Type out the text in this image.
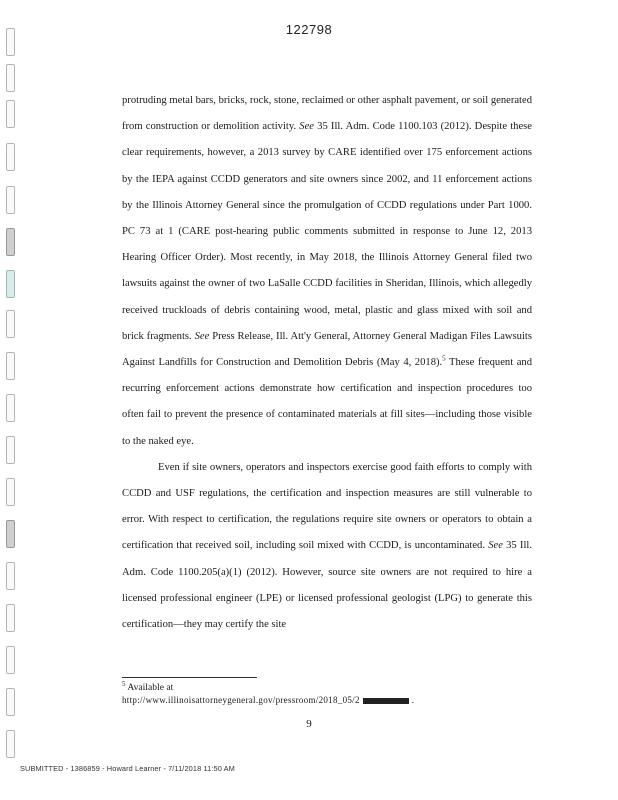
122798

protruding metal bars, bricks, rock, stone, reclaimed or other asphalt pavement, or soil generated from construction or demolition activity. See 35 Ill. Adm. Code 1100.103 (2012). Despite these clear requirements, however, a 2013 survey by CARE identified over 175 enforcement actions by the IEPA against CCDD generators and site owners since 2002, and 11 enforcement actions by the Illinois Attorney General since the promulgation of CCDD regulations under Part 1000. PC 73 at 1 (CARE post-hearing public comments submitted in response to June 12, 2013 Hearing Officer Order). Most recently, in May 2018, the Illinois Attorney General filed two lawsuits against the owner of two LaSalle CCDD facilities in Sheridan, Illinois, which allegedly received truckloads of debris containing wood, metal, plastic and glass mixed with soil and brick fragments. See Press Release, Ill. Att'y General, Attorney General Madigan Files Lawsuits Against Landfills for Construction and Demolition Debris (May 4, 2018).$^5$ These frequent and recurring enforcement actions demonstrate how certification and inspection procedures too often fail to prevent the presence of contaminated materials at fill sites—including those visible to the naked eye.

Even if site owners, operators and inspectors exercise good faith efforts to comply with CCDD and USF regulations, the certification and inspection measures are still vulnerable to error. With respect to certification, the regulations require site owners or operators to obtain a certification that received soil, including soil mixed with CCDD, is uncontaminated. See 35 Ill. Adm. Code 1100.205(a)(1) (2012). However, source site owners are not required to hire a licensed professional engineer (LPE) or licensed professional geologist (LPG) to generate this certification—they may certify the site

$^5$ Available at
http://www.illinoisattorneygeneral.gov/pressroom/2018_05/2	.
9
SUBMITTED - 1386859 - Howard Learner - 7/11/2018 11:50 AM
